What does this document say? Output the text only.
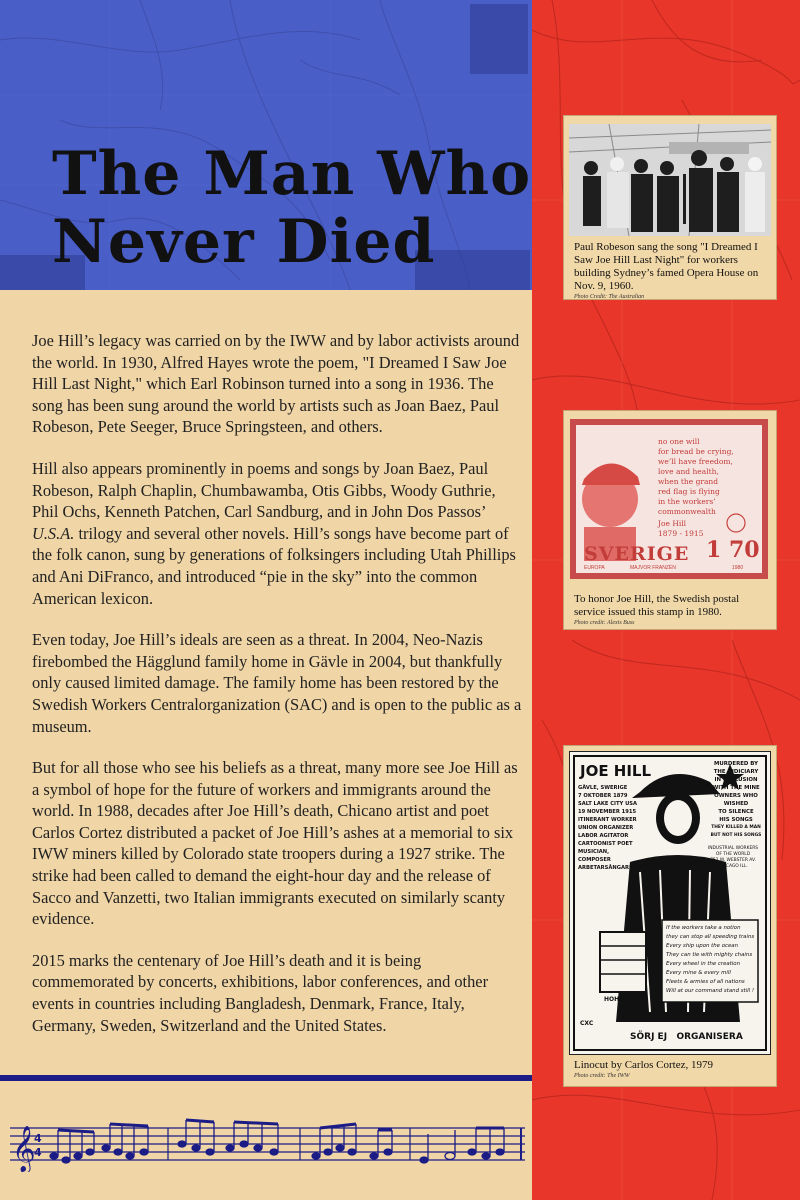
The Man Who
Never Died

Joe Hill’s legacy was carried on by the IWW and by labor activists around the world. In 1930, Alfred Hayes wrote the poem, "I Dreamed I Saw Joe Hill Last Night," which Earl Robinson turned into a song in 1936. The song has been sung around the world by artists such as Joan Baez, Paul Robeson, Pete Seeger, Bruce Springsteen, and others.

Hill also appears prominently in poems and songs by Joan Baez, Paul Robeson, Ralph Chaplin, Chumbawamba, Otis Gibbs, Woody Guthrie, Phil Ochs, Kenneth Patchen, Carl Sandburg, and in John Dos Passos’ U.S.A. trilogy and several other novels. Hill’s songs have become part of the folk canon, sung by generations of folksingers including Utah Phillips and Ani DiFranco, and introduced “pie in the sky” into the common American lexicon.

Even today, Joe Hill’s ideals are seen as a threat. In 2004, Neo-Nazis firebombed the Hägglund family home in Gävle in 2004, but thankfully only caused limited damage. The family home has been restored by the Swedish Workers Centralorganization (SAC) and is open to the public as a museum.

But for all those who see his beliefs as a threat, many more see Joe Hill as a symbol of hope for the future of workers and immigrants around the world. In 1988, decades after Joe Hill’s death, Chicano artist and poet Carlos Cortez distributed a packet of Joe Hill’s ashes at a memorial to six IWW miners killed by Colorado state troopers during a 1927 strike. The strike had been called to demand the eight-hour day and the release of Sacco and Vanzetti, two Italian immigrants executed on similarly scanty evidence.

2015 marks the centenary of Joe Hill’s death and it is being commemorated by concerts, exhibitions, labor conferences, and other events in countries including Bangladesh, Denmark, France, Italy, Germany, Sweden, Switzerland and the United States.

𝄞
4
4
Paul Robeson sang the song "I Dreamed I Saw Joe Hill Last Night" for workers building Sydney’s famed Opera House on Nov. 9, 1960.
Photo Credit: The Australian
no one will
for bread be crying,
we’ll have freedom,
love and health,
when the grand
red flag is flying
in the workers’
commonwealth
Joe Hill
1879 - 1915
SVERIGE 1 70
EUROPA	MAJVOR FRANZÉN	1980
To honor Joe Hill, the Swedish postal service issued this stamp in 1980.
Photo credit: Alexis Buss
JOE HILL
GÄVLE, SWERIGE
7 OKTOBER 1879
SALT LAKE CITY USA
19 NOVEMBER 1915
ITINERANT WORKER
UNION ORGANIZER
LABOR AGITATOR
CARTOONIST POET
MUSICIAN, COMPOSER
ARBETARSÅNGAREN
MURDERED BY
THE JUDICIARY
IN COLLUSION
WITH THE MINE
OWNERS WHO
WISHED
TO SILENCE
HIS SONGS
THEY KILLED A MAN
BUT NOT HIS SONGS
INDUSTRIAL WORKERS
OF THE WORLD
752 W. WEBSTER AV.
CHICAGO ILL.
If the workers take a notion
they can stop all speeding trains
Every ship upon the ocean
They can tie with mighty chains
Every wheel in the creation
Every mine & every mill
Fleets & armies of all nations
Will at our command stand still !
HOHNER
CXC
SÖRJ EJ   ORGANISERA
Linocut by Carlos Cortez, 1979
Photo credit: The IWW
